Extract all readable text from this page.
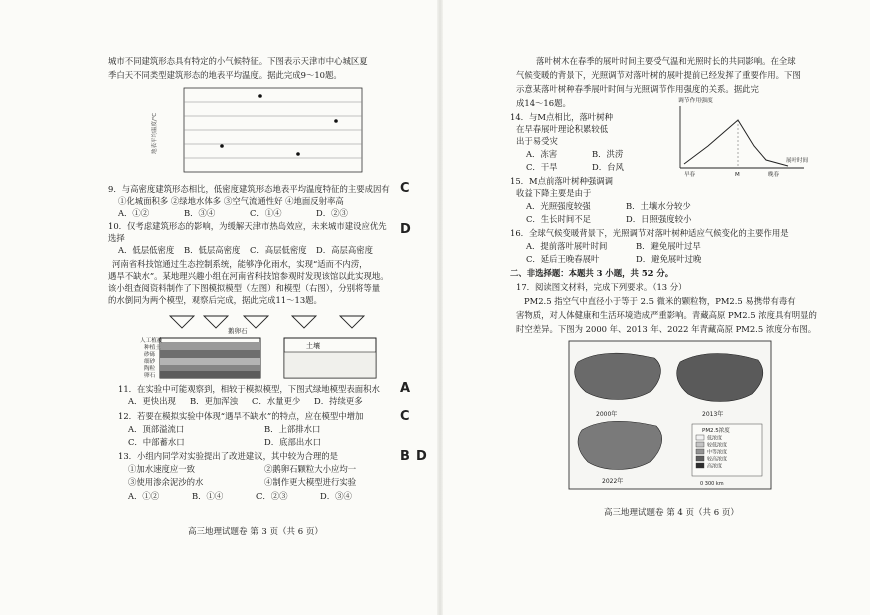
城市不同建筑形态具有特定的小气候特征。下图表示天津市中心城区夏
季白天不同类型建筑形态的地表平均温度。据此完成9～10题。
地表平均温度/℃
9．与高密度建筑形态相比，低密度建筑形态地表平均温度特征的主要成因有
①化城面积多 ②绿地水体多 ③空气流通性好 ④地面反射率高
A．①②	B．③④	C．①④	D．②③
10．仅考虑建筑形态的影响，为缓解天津市热岛效应，未来城市建设应优先
选择
A．低层低密度 B．低层高密度 C．高层低密度 D．高层高密度
河南省科技馆通过生态控制系统，能够净化雨水，实现“适而不内涝，
遇旱不缺水”。某地理兴趣小组在河南省科技馆参观时发现该馆以此实现地。
该小组查阅资料制作了下图模拟模型（左图）和模型（右图），分别将等量
的水倒同为两个模型，观察后完成，据此完成11～13题。
鹅卵石
土壤
人工植被
种植土
砂砾
细砂
陶粒
卵石
11．在实验中可能观察到，相较于模拟模型，下图式绿地模型表面积水
A．更快出现 B．更加浑浊 C．水量更少 D．持续更多
12．若要在模拟实验中体现“遇旱不缺水”的特点，应在模型中增加
A．顶部溢流口	B．上部排水口
C．中部蓄水口	D．底部出水口
13．小组内同学对实验提出了改进建议，其中较为合理的是
①加水速度应一致	②鹅卵石颗粒大小应均一
③使用渗余泥沙的水	④制作更大模型进行实验
A．①②	B．①④	C．②③	D．③④
C
D
A
C
B D
高三地理试题卷 第 3 页（共 6 页）
落叶树木在春季的展叶时间主要受气温和光照时长的共同影响。在全球
气候变暖的背景下，光照调节对落叶树的展叶提前已经发挥了重要作用。下图
示意某落叶树种春季展叶时间与光照调节作用强度的关系。据此完
成14～16题。	调节作用强度
早春	M	晚春
展叶时间
14．与M点相比，落叶树种
在早春展叶理论积累较低
出于易受灾
A．冻害	B．洪涝
C．干旱	D．台风
15．M点前落叶树种强调调
收益下降主要是由于
A．光照强度较强	B．土壤水分较少
C．生长时间不足	D．日照强度较小
16．全球气候变暖背景下，光照调节对落叶树种适应气候变化的主要作用是
A．提前落叶展叶时间	B．避免展叶过早
C．延后王晚春展叶	D．避免展叶过晚
二、非选择题：本题共 3 小题，共 52 分。
17．阅读图文材料，完成下列要求。（13 分）
PM2.5 指空气中直径小于等于 2.5 微米的颗粒物，PM2.5 易携带有毒有
害物质，对人体健康和生活环境造成严重影响。青藏高原 PM2.5 浓度具有明显的
时空差异。下图为 2000 年、2013 年、2022 年青藏高原 PM2.5 浓度分布图。
2000年	2013年
2022年
PM2.5浓度
低浓度
较低浓度
中等浓度
较高浓度
高浓度
0 300 km
高三地理试题卷 第 4 页（共 6 页）
